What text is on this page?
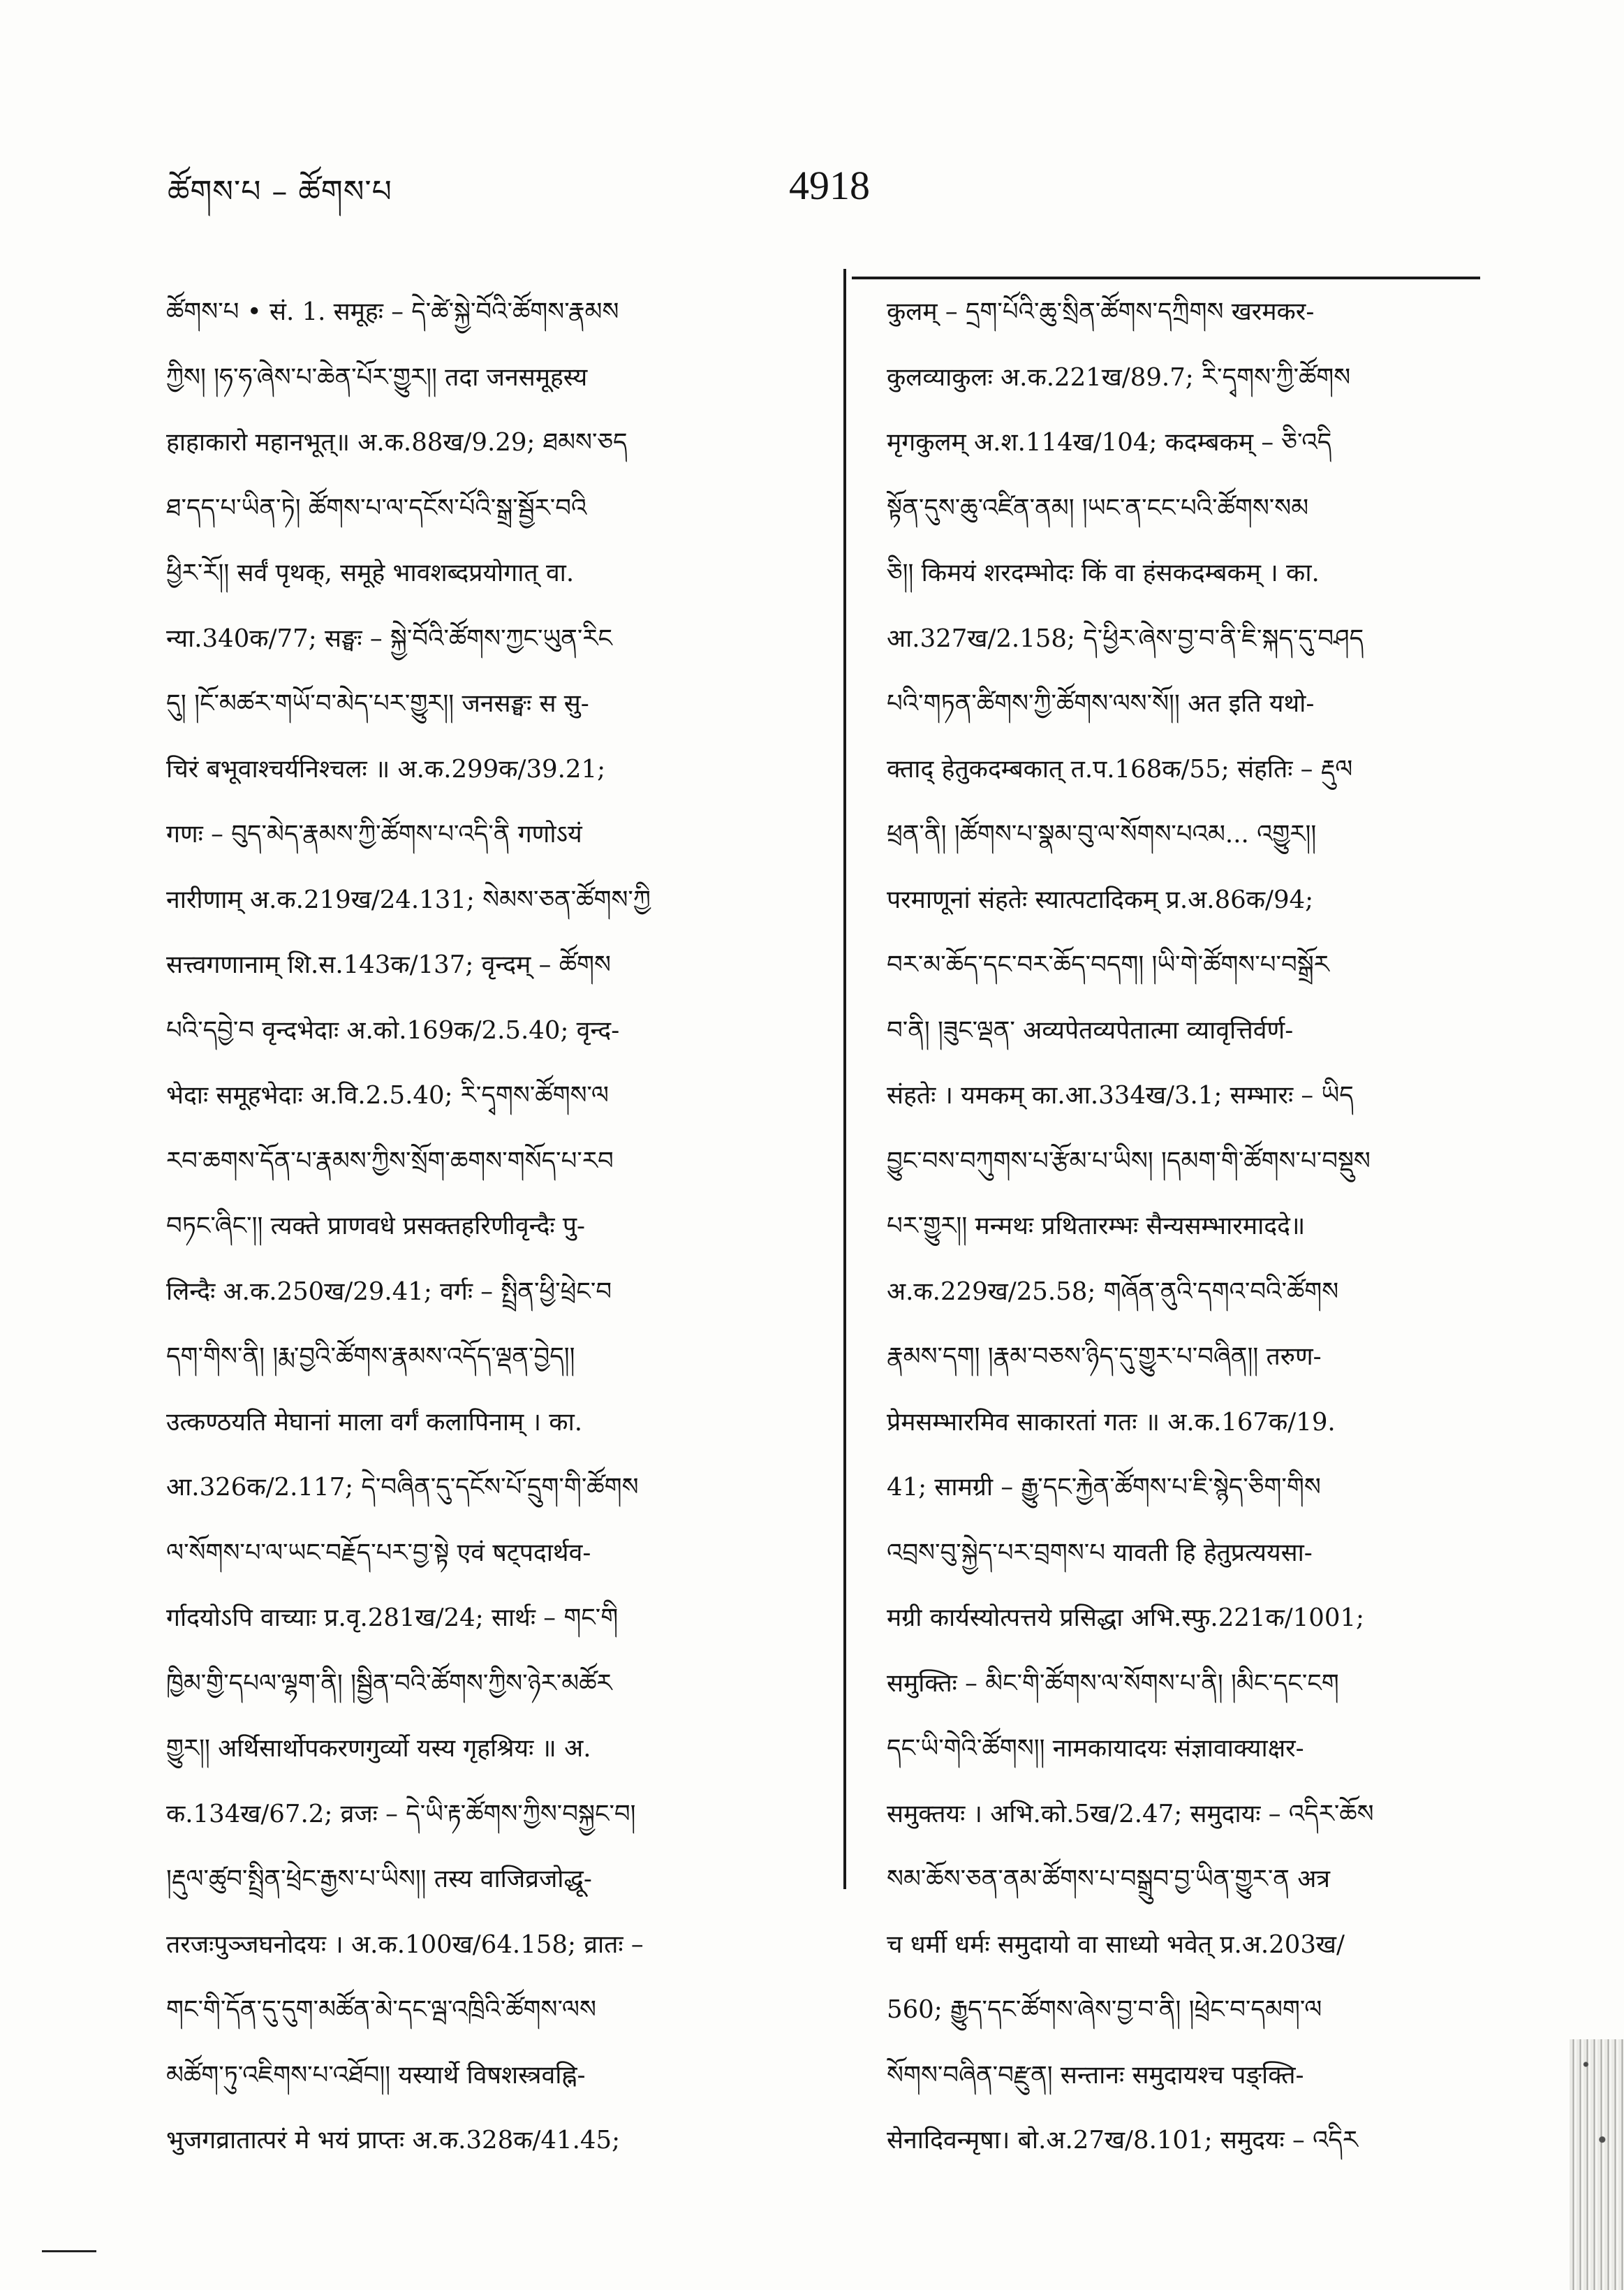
ཚོགས་པ – ཚོགས་པ	4918
ཚོགས་པ • सं. 1. समूहः – དེ་ཚེ་སྐྱེ་བོའི་ཚོགས་རྣམས
ཀྱིས། །ཧ་ཧ་ཞེས་པ་ཆེན་པོར་གྱུར།། तदा जनसमूहस्य
हाहाकारो महानभूत्॥ अ.क.88ख/9.29; ཐམས་ཅད
ཐ་དད་པ་ཡིན་ཏེ། ཚོགས་པ་ལ་དངོས་པོའི་སྒྲ་སྦྱོར་བའི
ཕྱིར་རོ།། सर्वं पृथक्, समूहे भावशब्दप्रयोगात् वा.
न्या.340क/77; सङ्घः – སྐྱེ་བོའི་ཚོགས་ཀྱང་ཡུན་རིང
དུ། །ངོ་མཚར་གཡོ་བ་མེད་པར་གྱུར།། जनसङ्घः स सु-
चिरं बभूवाश्चर्यनिश्चलः ॥ अ.क.299क/39.21;
गणः – བུད་མེད་རྣམས་ཀྱི་ཚོགས་པ་འདི་ནི गणोऽयं
नारीणाम् अ.क.219ख/24.131; སེམས་ཅན་ཚོགས་ཀྱི
सत्त्वगणानाम् शि.स.143क/137; वृन्दम् – ཚོགས
པའི་དབྱེ་བ वृन्दभेदाः अ.को.169क/2.5.40; वृन्द-
भेदाः समूहभेदाः अ.वि.2.5.40; རི་དྭགས་ཚོགས་ལ
རབ་ཆགས་དོན་པ་རྣམས་ཀྱིས་སྲོག་ཆགས་གསོད་པ་རབ
བཏང་ཞིང་།། त्यक्ते प्राणवधे प्रसक्तहरिणीवृन्दैः पु-
लिन्दैः अ.क.250ख/29.41; वर्गः – སྤྲིན་ཕྱི་ཕྲེང་བ
དག་གིས་ནི། །རྨ་བྱའི་ཚོགས་རྣམས་འདོད་ལྡན་བྱེད།།
उत्कण्ठयति मेघानां माला वर्गं कलापिनाम् । का.
आ.326क/2.117; དེ་བཞིན་དུ་དངོས་པོ་དྲུག་གི་ཚོགས
ལ་སོགས་པ་ལ་ཡང་བརྗོད་པར་བྱ་སྟེ एवं षट्पदार्थव-
र्गादयोऽपि वाच्याः प्र.वृ.281ख/24; सार्थः – གང་གི
ཁྱིམ་གྱི་དཔལ་ལྷག་ནི། །སྦྱིན་བའི་ཚོགས་ཀྱིས་ཉེར་མཚོར
གྱུར།། अर्थिसार्थोपकरणगुर्व्यो यस्य गृहश्रियः ॥ अ.
क.134ख/67.2; व्रजः – དེ་ཡི་རྟ་ཚོགས་ཀྱིས་བསྐྱང་བ།
།རྡུལ་ཚུབ་སྤྲིན་ཕྲེང་རྒྱས་པ་ཡིས།། तस्य वाजिव्रजोद्धू-
तरजःपुञ्जघनोदयः । अ.क.100ख/64.158; व्रातः –
གང་གི་དོན་དུ་དུག་མཚོན་མེ་དང་ལྦ་འཁྲིའི་ཚོགས་ལས
མཚོག་ཏུ་འཇིགས་པ་འཐོབ།། यस्यार्थे विषशस्त्रवह्नि-
भुजगव्रातात्परं मे भयं प्राप्तः अ.क.328क/41.45;
कुलम् – དྲག་པོའི་ཆུ་སྲིན་ཚོགས་དཀྲིགས खरमकर-
कुलव्याकुलः अ.क.221ख/89.7; རི་དྭགས་ཀྱི་ཚོགས
मृगकुलम् अ.श.114ख/104; कदम्बकम् – ཅི་འདི
སྟོན་དུས་ཆུ་འཛིན་ནམ། །ཡང་ན་ངང་པའི་ཚོགས་སམ
ཅི།། किमयं शरदम्भोदः किं वा हंसकदम्बकम् । का.
आ.327ख/2.158; དེ་ཕྱིར་ཞེས་བྱ་བ་ནི་ཇི་སྐད་དུ་བཤད
པའི་གཏན་ཚིགས་ཀྱི་ཚོགས་ལས་སོ།། अत इति यथो-
क्ताद् हेतुकदम्बकात् त.प.168क/55; संहतिः – རྡུལ
ཕྲན་ནི། །ཚོགས་པ་སྣམ་བུ་ལ་སོགས་པའམ... འགྱུར།།
परमाणूनां संहतेः स्यात्पटादिकम् प्र.अ.86क/94;
བར་མ་ཆོད་དང་བར་ཆོད་བདག། །ཡི་གེ་ཚོགས་པ་བསྒྲོར
བ་ནི། །ཟུང་ལྡན་ अव्यपेतव्यपेतात्मा व्यावृत्तिर्वर्ण-
संहतेः । यमकम् का.आ.334ख/3.1; सम्भारः – ཡིད
བྱུང་བས་བཀུགས་པ་རྩོམ་པ་ཡིས། །དམག་གི་ཚོགས་པ་བསྡུས
པར་གྱུར།། मन्मथः प्रथितारम्भः सैन्यसम्भारमाददे॥
अ.क.229ख/25.58; གཞོན་ནུའི་དགའ་བའི་ཚོགས
རྣམས་དག། །རྣམ་བཅས་ཉིད་དུ་གྱུར་པ་བཞིན།། तरुण-
प्रेमसम्भारमिव साकारतां गतः ॥ अ.क.167क/19.
41; सामग्री – རྒྱུ་དང་རྐྱེན་ཚོགས་པ་ཇི་སྙེད་ཅིག་གིས
འབྲས་བུ་སྐྱེད་པར་བྲགས་པ यावती हि हेतुप्रत्ययसा-
मग्री कार्यस्योत्पत्तये प्रसिद्धा अभि.स्फु.221क/1001;
समुक्तिः – མིང་གི་ཚོགས་ལ་སོགས་པ་ནི། །མིང་དང་ངག
དང་ཡི་གེའི་ཚོགས།། नामकायादयः संज्ञावाक्याक्षर-
समुक्तयः । अभि.को.5ख/2.47; समुदायः – འདིར་ཆོས
སམ་ཆོས་ཅན་ནམ་ཚོགས་པ་བསྒྲུབ་བྱ་ཡིན་གྱུར་ན अत्र
च धर्मी धर्मः समुदायो वा साध्यो भवेत् प्र.अ.203ख/
560; རྒྱུད་དང་ཚོགས་ཞེས་བྱ་བ་ནི། །ཕྲེང་བ་དམག་ལ
སོགས་བཞིན་བརྫུན། सन्तानः समुदायश्च पङ्क्ति-
सेनादिवन्मृषा। बो.अ.27ख/8.101; समुदयः – འདིར
